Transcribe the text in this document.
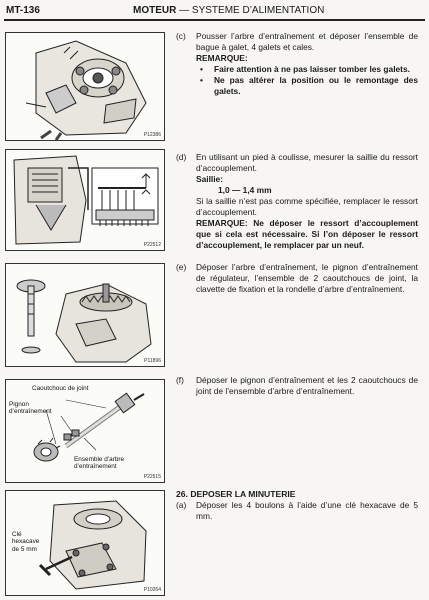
MT-136	MOTEUR — SYSTEME D’ALIMENTATION
P12386
(c) Pousser l’arbre d’entraînement et déposer l’ensemble de bague à galet, 4 galets et cales.
REMARQUE:
• Faire attention à ne pas laisser tomber les galets.
• Ne pas altérer la position ou le remontage des galets.
P22512
(d) En utilisant un pied à coulisse, mesurer la saillie du ressort d’accouplement.
Saillie:
1,0 — 1,4 mm
Si la saillie n’est pas comme spécifiée, remplacer le ressort d’accouplement.
REMARQUE: Ne déposer le ressort d’accouplement que si cela est nécessaire. Si l’on déposer le ressort d’accouplement, le remplacer par un neuf.
P11896
(e) Déposer l’arbre d’entraînement, le pignon d’entraînement de régulateur, l’ensemble de 2 caoutchoucs de joint, la clavette de fixation et la rondelle d’arbre d’entraînement.
Caoutchouc de joint
Pignon
d’entraînement
Ensemble d’arbre
d’entraînement
P22515
(f) Déposer le pignon d’entraînement et les 2 caoutchoucs de joint de l’ensemble d’arbre d’entraînement.
Clé
hexacave
de 5 mm
P10264
26. DEPOSER LA MINUTERIE
(a) Déposer les 4 boulons à l’aide d’une clé hexacave de 5 mm.
